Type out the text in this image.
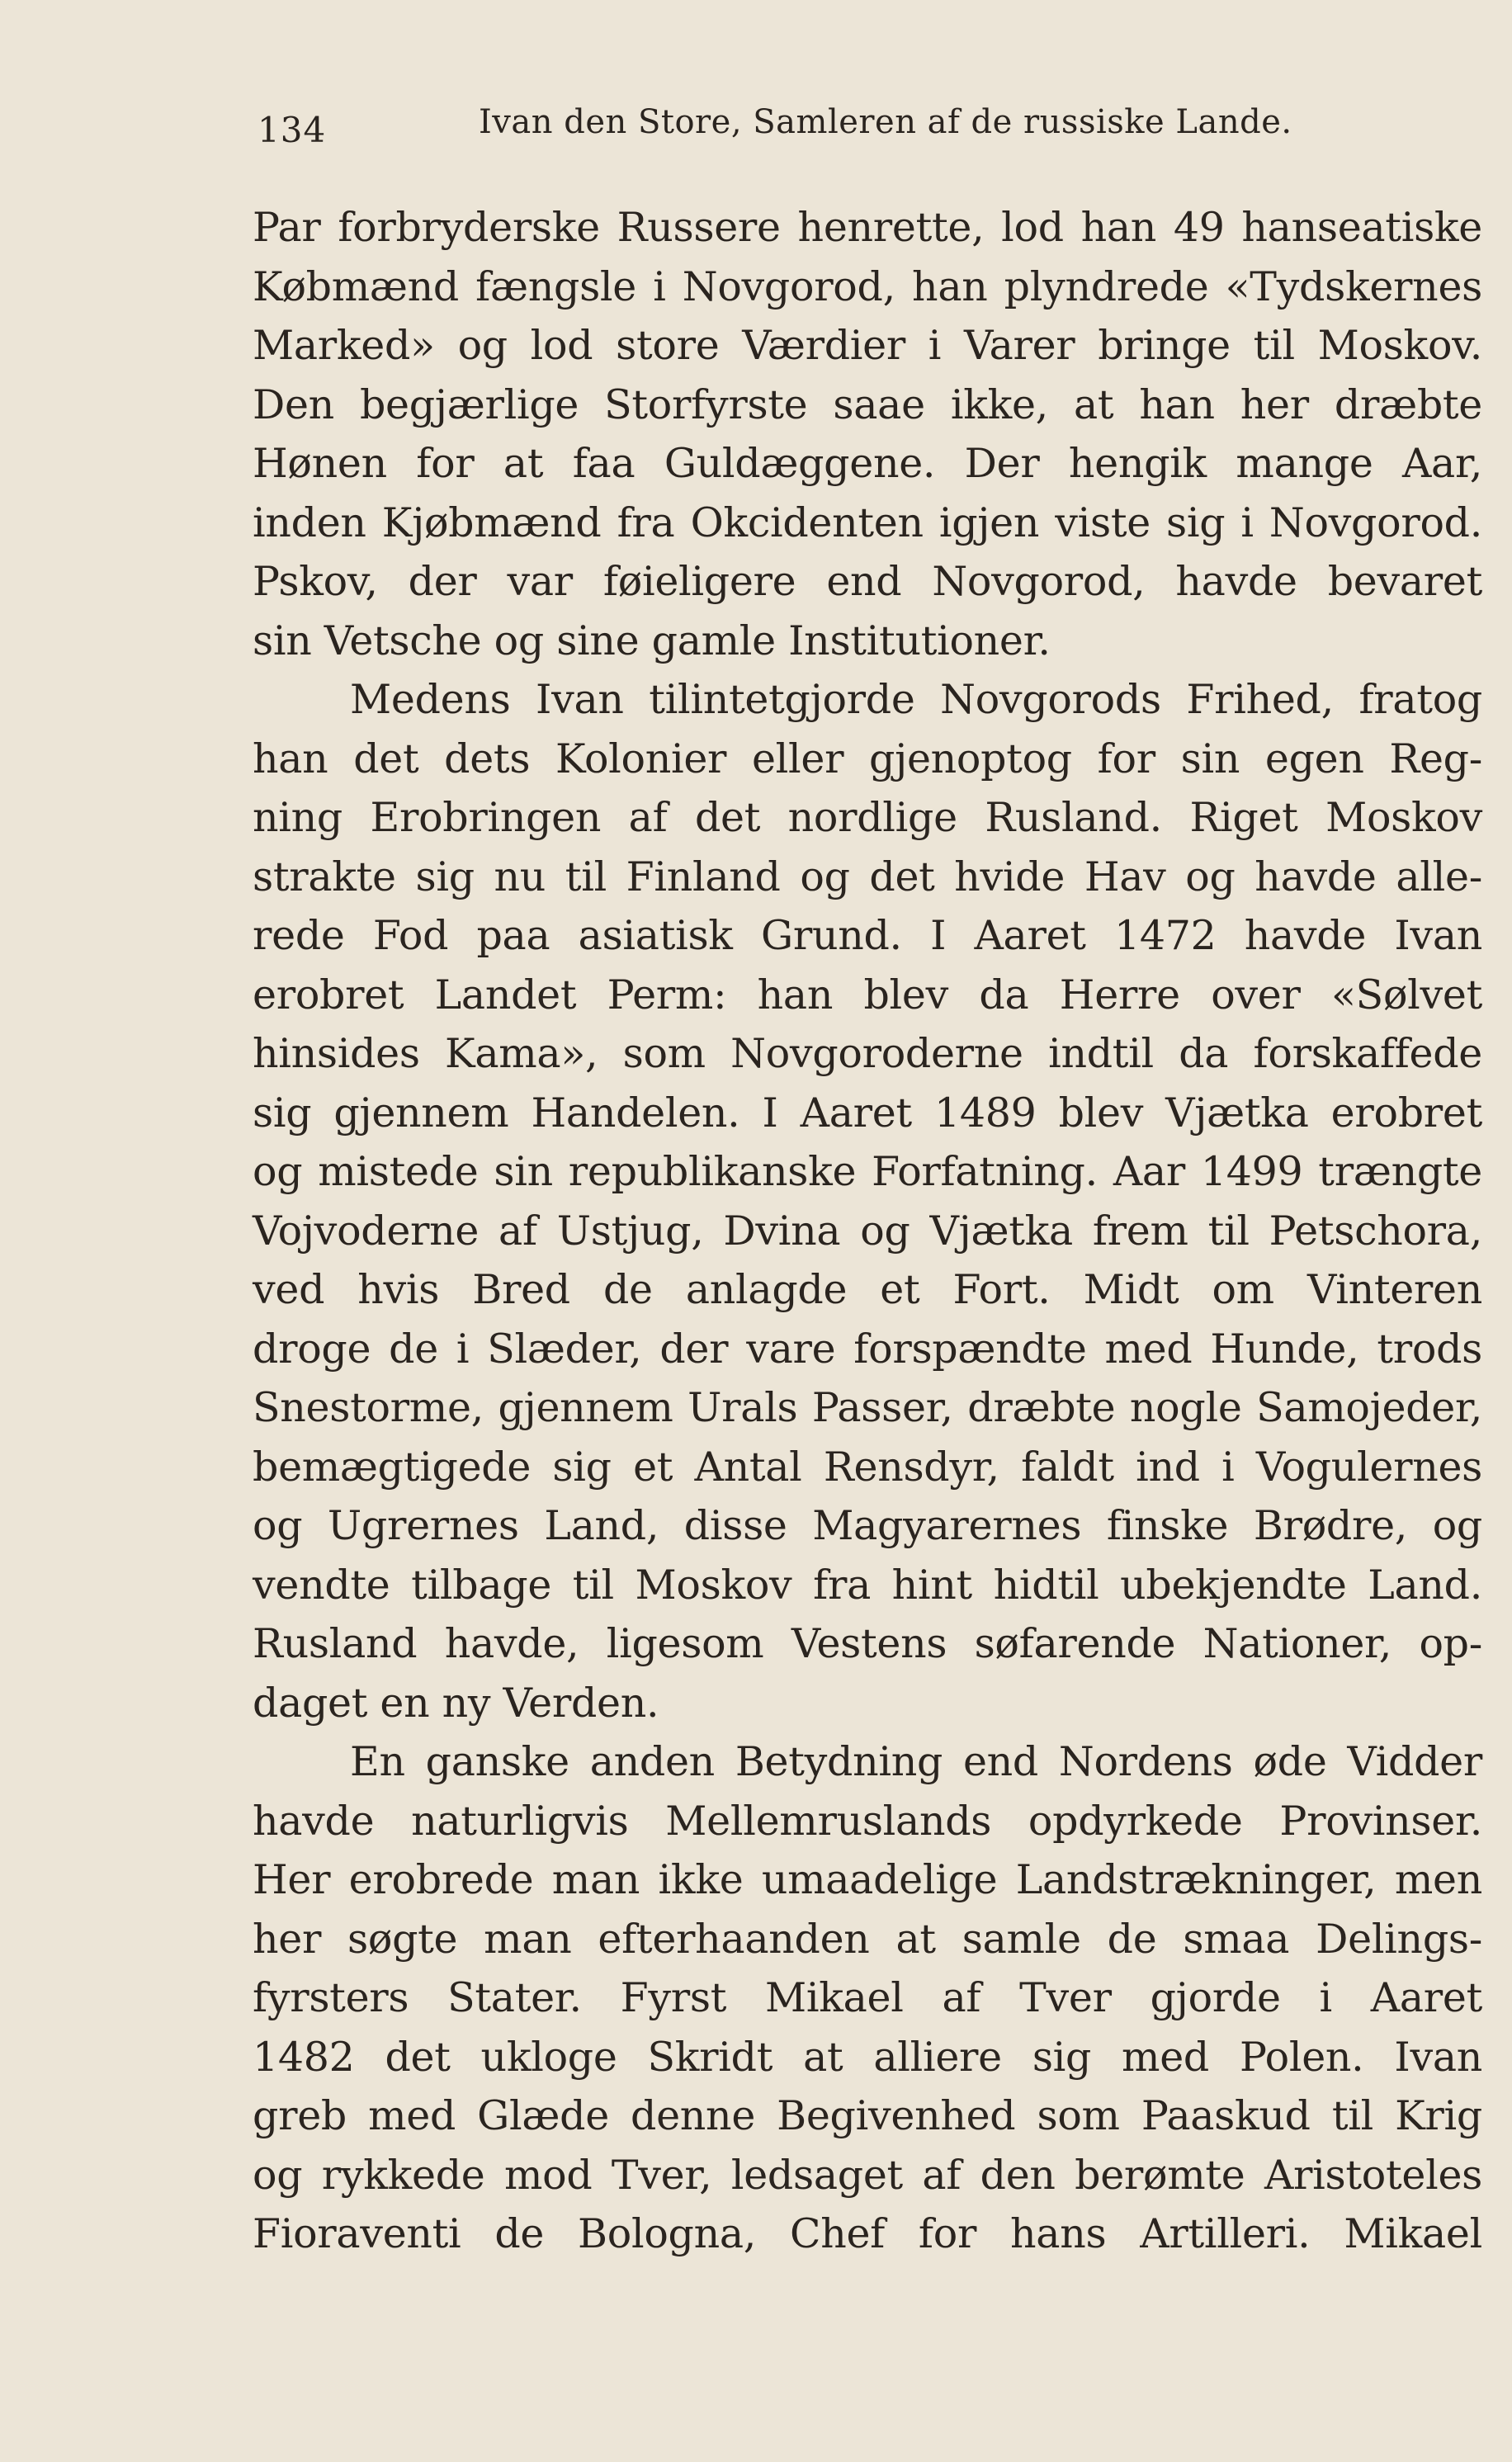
134	Ivan den Store, Samleren af de russiske Lande.
Par forbryderske Russere henrette, lod han 49 hanseatiske
Købmænd fængsle i Novgorod, han plyndrede «Tydskernes
Marked» og lod store Værdier i Varer bringe til Moskov.
Den begjærlige Storfyrste saae ikke, at han her dræbte
Hønen for at faa Guldæggene. Der hengik mange Aar,
inden Kjøbmænd fra Okcidenten igjen viste sig i Novgorod.
Pskov, der var føieligere end Novgorod, havde bevaret
sin Vetsche og sine gamle Institutioner.
Medens Ivan tilintetgjorde Novgorods Frihed, fratog
han det dets Kolonier eller gjenoptog for sin egen Reg-
ning Erobringen af det nordlige Rusland. Riget Moskov
strakte sig nu til Finland og det hvide Hav og havde alle-
rede Fod paa asiatisk Grund. I Aaret 1472 havde Ivan
erobret Landet Perm: han blev da Herre over «Sølvet
hinsides Kama», som Novgoroderne indtil da forskaffede
sig gjennem Handelen. I Aaret 1489 blev Vjætka erobret
og mistede sin republikanske Forfatning. Aar 1499 trængte
Vojvoderne af Ustjug, Dvina og Vjætka frem til Petschora,
ved hvis Bred de anlagde et Fort. Midt om Vinteren
droge de i Slæder, der vare forspændte med Hunde, trods
Snestorme, gjennem Urals Passer, dræbte nogle Samojeder,
bemægtigede sig et Antal Rensdyr, faldt ind i Vogulernes
og Ugrernes Land, disse Magyarernes finske Brødre, og
vendte tilbage til Moskov fra hint hidtil ubekjendte Land.
Rusland havde, ligesom Vestens søfarende Nationer, op-
daget en ny Verden.
En ganske anden Betydning end Nordens øde Vidder
havde naturligvis Mellemruslands opdyrkede Provinser.
Her erobrede man ikke umaadelige Landstrækninger, men
her søgte man efterhaanden at samle de smaa Delings-
fyrsters Stater. Fyrst Mikael af Tver gjorde i Aaret
1482 det ukloge Skridt at alliere sig med Polen. Ivan
greb med Glæde denne Begivenhed som Paaskud til Krig
og rykkede mod Tver, ledsaget af den berømte Aristoteles
Fioraventi de Bologna, Chef for hans Artilleri. Mikael
